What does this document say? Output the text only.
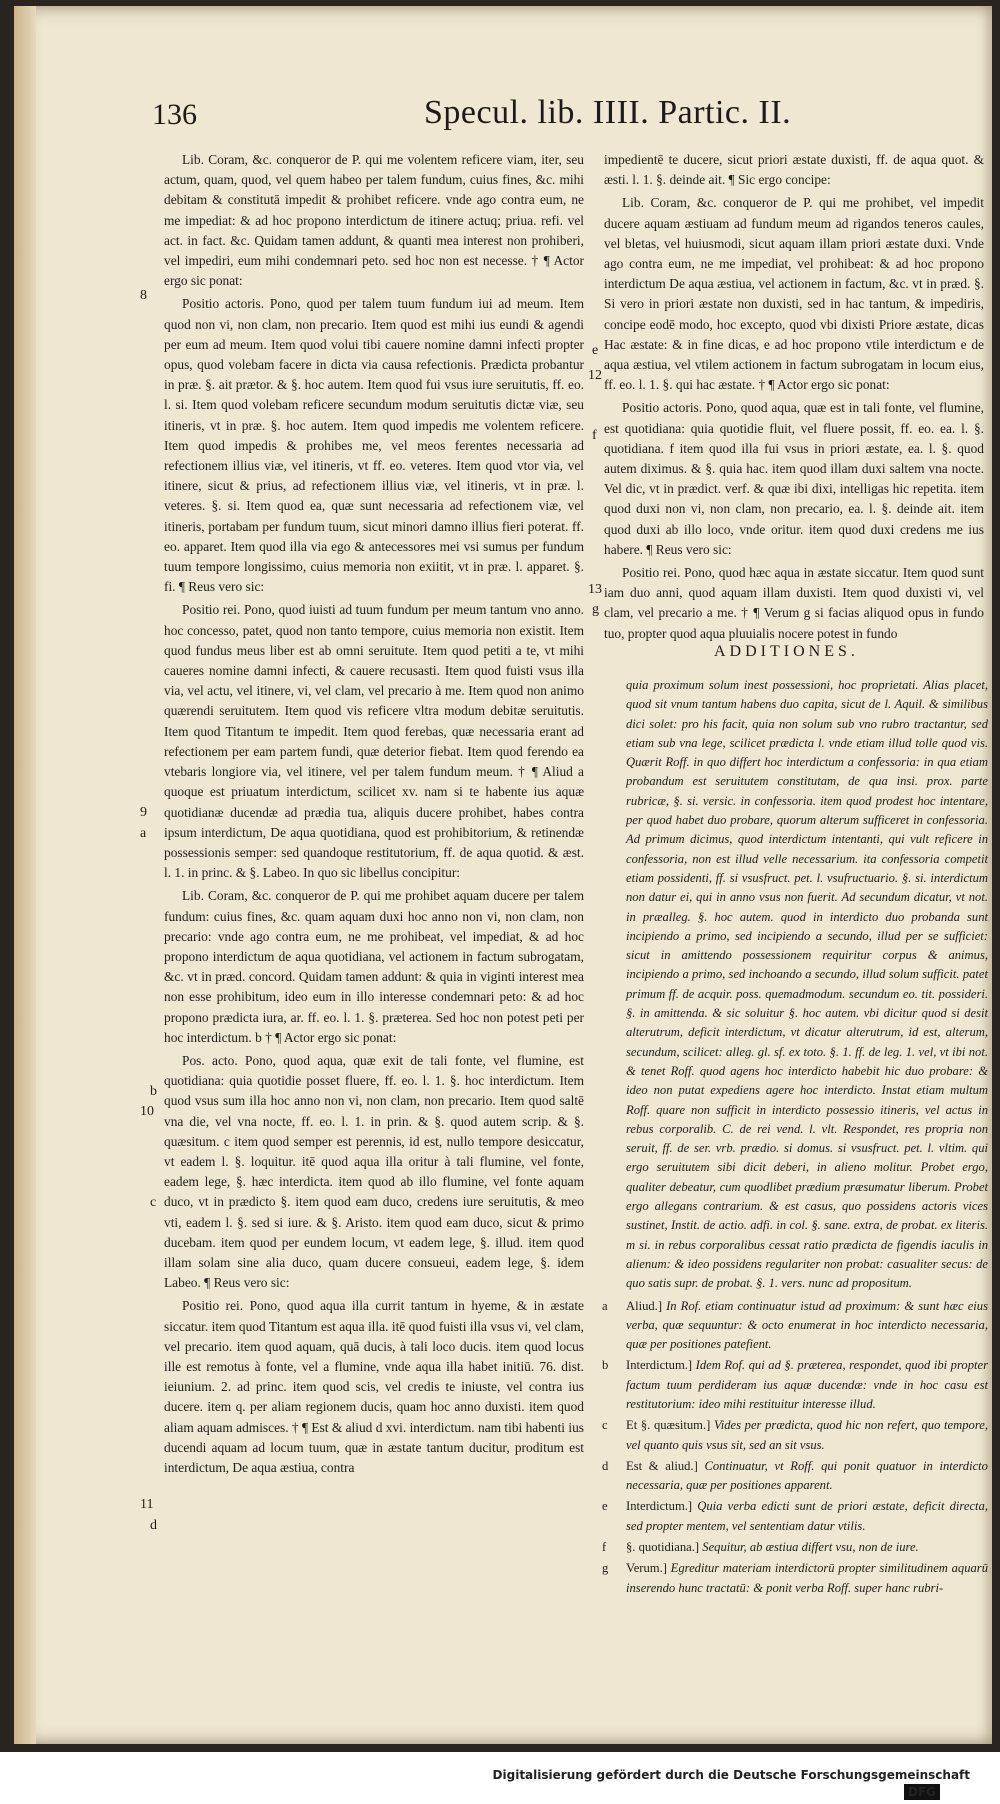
136	Specul. lib. IIII. Partic. II.
8
9
a
b
10
c
11
d
12
e
f
13
g

Lib. Coram, &c. conqueror de P. qui me volentem reficere viam, iter, seu actum, quam, quod, vel quem habeo per talem fundum, cuius fines, &c. mihi debitam & constitutā impedit & prohibet reficere. vnde ago contra eum, ne me impediat: & ad hoc propono interdictum de itinere actuq; priua. refi. vel act. in fact. &c. Quidam tamen addunt, & quanti mea interest non prohiberi, vel impediri, eum mihi condemnari peto. sed hoc non est necesse. † ¶ Actor ergo sic ponat:

Positio actoris. Pono, quod per talem tuum fundum iui ad meum. Item quod non vi, non clam, non precario. Item quod est mihi ius eundi & agendi per eum ad meum. Item quod volui tibi cauere nomine damni infecti propter opus, quod volebam facere in dicta via causa refectionis. Prædicta probantur in præ. §. ait prætor. & §. hoc autem. Item quod fui vsus iure seruitutis, ff. eo. l. si. Item quod volebam reficere secundum modum seruitutis dictæ viæ, seu itineris, vt in præ. §. hoc autem. Item quod impedis me volentem reficere. Item quod impedis & prohibes me, vel meos ferentes necessaria ad refectionem illius viæ, vel itineris, vt ff. eo. veteres. Item quod vtor via, vel itinere, sicut & prius, ad refectionem illius viæ, vel itineris, vt in præ. l. veteres. §. si. Item quod ea, quæ sunt necessaria ad refectionem viæ, vel itineris, portabam per fundum tuum, sicut minori damno illius fieri poterat. ff. eo. apparet. Item quod illa via ego & antecessores mei vsi sumus per fundum tuum tempore longissimo, cuius memoria non exiitit, vt in præ. l. apparet. §. fi. ¶ Reus vero sic:

Positio rei. Pono, quod iuisti ad tuum fundum per meum tantum vno anno. hoc concesso, patet, quod non tanto tempore, cuius memoria non existit. Item quod fundus meus liber est ab omni seruitute. Item quod petiti a te, vt mihi caueres nomine damni infecti, & cauere recusasti. Item quod fuisti vsus illa via, vel actu, vel itinere, vi, vel clam, vel precario à me. Item quod non animo quærendi seruitutem. Item quod vis reficere vltra modum debitæ seruitutis. Item quod Titantum te impedit. Item quod ferebas, quæ necessaria erant ad refectionem per eam partem fundi, quæ deterior fiebat. Item quod ferendo ea vtebaris longiore via, vel itinere, vel per talem fundum meum. † ¶ Aliud a quoque est priuatum interdictum, scilicet xv. nam si te habente ius aquæ quotidianæ ducendæ ad prædia tua, aliquis ducere prohibet, habes contra ipsum interdictum, De aqua quotidiana, quod est prohibitorium, & retinendæ possessionis semper: sed quandoque restitutorium, ff. de aqua quotid. & æst. l. 1. in princ. & §. Labeo. In quo sic libellus concipitur:

Lib. Coram, &c. conqueror de P. qui me prohibet aquam ducere per talem fundum: cuius fines, &c. quam aquam duxi hoc anno non vi, non clam, non precario: vnde ago contra eum, ne me prohibeat, vel impediat, & ad hoc propono interdictum de aqua quotidiana, vel actionem in factum subrogatam, &c. vt in præd. concord. Quidam tamen addunt: & quia in viginti interest mea non esse prohibitum, ideo eum in illo interesse condemnari peto: & ad hoc propono prædicta iura, ar. ff. eo. l. 1. §. præterea. Sed hoc non potest peti per hoc interdictum. b † ¶ Actor ergo sic ponat:

Pos. acto. Pono, quod aqua, quæ exit de tali fonte, vel flumine, est quotidiana: quia quotidie posset fluere, ff. eo. l. 1. §. hoc interdictum. Item quod vsus sum illa hoc anno non vi, non clam, non precario. Item quod saltē vna die, vel vna nocte, ff. eo. l. 1. in prin. & §. quod autem scrip. & §. quæsitum. c item quod semper est perennis, id est, nullo tempore desiccatur, vt eadem l. §. loquitur. itē quod aqua illa oritur à tali flumine, vel fonte, eadem lege, §. hæc interdicta. item quod ab illo flumine, vel fonte aquam duco, vt in prædicto §. item quod eam duco, credens iure seruitutis, & meo vti, eadem l. §. sed si iure. & §. Aristo. item quod eam duco, sicut & primo ducebam. item quod per eundem locum, vt eadem lege, §. illud. item quod illam solam sine alia duco, quam ducere consueui, eadem lege, §. idem Labeo. ¶ Reus vero sic:

Positio rei. Pono, quod aqua illa currit tantum in hyeme, & in æstate siccatur. item quod Titantum est aqua illa. itē quod fuisti illa vsus vi, vel clam, vel precario. item quod aquam, quā ducis, à tali loco ducis. item quod locus ille est remotus à fonte, vel a flumine, vnde aqua illa habet initiū. 76. dist. ieiunium. 2. ad princ. item quod scis, vel credis te iniuste, vel contra ius ducere. item q. per aliam regionem ducis, quam hoc anno duxisti. item quod aliam aquam admisces. † ¶ Est & aliud d xvi. interdictum. nam tibi habenti ius ducendi aquam ad locum tuum, quæ in æstate tantum ducitur, proditum est interdictum, De aqua æstiua, contra

impedientē te ducere, sicut priori æstate duxisti, ff. de aqua quot. & æsti. l. 1. §. deinde ait. ¶ Sic ergo concipe:

Lib. Coram, &c. conqueror de P. qui me prohibet, vel impedit ducere aquam æstiuam ad fundum meum ad rigandos teneros caules, vel bletas, vel huiusmodi, sicut aquam illam priori æstate duxi. Vnde ago contra eum, ne me impediat, vel prohibeat: & ad hoc propono interdictum De aqua æstiua, vel actionem in factum, &c. vt in præd. §. Si vero in priori æstate non duxisti, sed in hac tantum, & impediris, concipe eodē modo, hoc excepto, quod vbi dixisti Priore æstate, dicas Hac æstate: & in fine dicas, e ad hoc propono vtile interdictum e de aqua æstiua, vel vtilem actionem in factum subrogatam in locum eius, ff. eo. l. 1. §. qui hac æstate. † ¶ Actor ergo sic ponat:

Positio actoris. Pono, quod aqua, quæ est in tali fonte, vel flumine, est quotidiana: quia quotidie fluit, vel fluere possit, ff. eo. ea. l. §. quotidiana. f item quod illa fui vsus in priori æstate, ea. l. §. quod autem diximus. & §. quia hac. item quod illam duxi saltem vna nocte. Vel dic, vt in prædict. verf. & quæ ibi dixi, intelligas hic repetita. item quod duxi non vi, non clam, non precario, ea. l. §. deinde ait. item quod duxi ab illo loco, vnde oritur. item quod duxi credens me ius habere. ¶ Reus vero sic:

Positio rei. Pono, quod hæc aqua in æstate siccatur. Item quod sunt iam duo anni, quod aquam illam duxisti. Item quod duxisti vi, vel clam, vel precario a me. † ¶ Verum g si facias aliquod opus in fundo tuo, propter quod aqua pluuialis nocere potest in fundo

ADDITIONES.

quia proximum solum inest possessioni, hoc proprietati. Alias placet, quod sit vnum tantum habens duo capita, sicut de l. Aquil. & similibus dici solet: pro his facit, quia non solum sub vno rubro tractantur, sed etiam sub vna lege, scilicet prædicta l. vnde etiam illud tolle quod vis. Quærit Roff. in quo differt hoc interdictum a confessoria: in qua etiam probandum est seruitutem constitutam, de qua insi. prox. parte rubricæ, §. si. versic. in confessoria. item quod prodest hoc intentare, per quod habet duo probare, quorum alterum sufficeret in confessoria. Ad primum dicimus, quod interdictum intentanti, qui vult reficere in confessoria, non est illud velle necessarium. ita confessoria competit etiam possidenti, ff. si vsusfruct. pet. l. vsufructuario. §. si. interdictum non datur ei, qui in anno vsus non fuerit. Ad secundum dicatur, vt not. in præalleg. §. hoc autem. quod in interdicto duo probanda sunt incipiendo a primo, sed incipiendo a secundo, illud per se sufficiet: sicut in amittendo possessionem requiritur corpus & animus, incipiendo a primo, sed inchoando a secundo, illud solum sufficit. patet primum ff. de acquir. poss. quemadmodum. secundum eo. tit. possideri. §. in amittenda. & sic soluitur §. hoc autem. vbi dicitur quod si desit alterutrum, deficit interdictum, vt dicatur alterutrum, id est, alterum, secundum, scilicet: alleg. gl. sf. ex toto. §. 1. ff. de leg. 1. vel, vt ibi not. & tenet Roff. quod agens hoc interdicto habebit hic duo probare: & ideo non putat expediens agere hoc interdicto. Instat etiam multum Roff. quare non sufficit in interdicto possessio itineris, vel actus in rebus corporalib. C. de rei vend. l. vlt. Respondet, res propria non seruit, ff. de ser. vrb. prædio. si domus. si vsusfruct. pet. l. vltim. qui ergo seruitutem sibi dicit deberi, in alieno molitur. Probet ergo, qualiter debeatur, cum quodlibet prædium præsumatur liberum. Probet ergo allegans contrarium. & est casus, quo possidens actoris vices sustinet, Instit. de actio. adfi. in col. §. sane. extra, de probat. ex literis. m si. in rebus corporalibus cessat ratio prædicta de figendis iaculis in alienum: & ideo possidens regulariter non probat: casualiter secus: de quo satis supr. de probat. §. 1. vers. nunc ad propositum.

a Aliud.] In Rof. etiam continuatur istud ad proximum: & sunt hæc eius verba, quæ sequuntur: & octo enumerat in hoc interdicto necessaria, quæ per positiones patefient.

b Interdictum.] Idem Rof. qui ad §. præterea, respondet, quod ibi propter factum tuum perdideram ius aquæ ducendæ: vnde in hoc casu est restitutorium: ideo mihi restituitur interesse illud.

c Et §. quæsitum.] Vides per prædicta, quod hic non refert, quo tempore, vel quanto quis vsus sit, sed an sit vsus.

d Est & aliud.] Continuatur, vt Roff. qui ponit quatuor in interdicto necessaria, quæ per positiones apparent.

e Interdictum.] Quia verba edicti sunt de priori æstate, deficit directa, sed propter mentem, vel sententiam datur vtilis.

f §. quotidiana.] Sequitur, ab æstiua differt vsu, non de iure.

g Verum.] Egreditur materiam interdictorū propter similitudinem aquarū inserendo hunc tractatū: & ponit verba Roff. super hanc rubri-

Digitalisierung gefördert durch die Deutsche Forschungsgemeinschaft
DFG
